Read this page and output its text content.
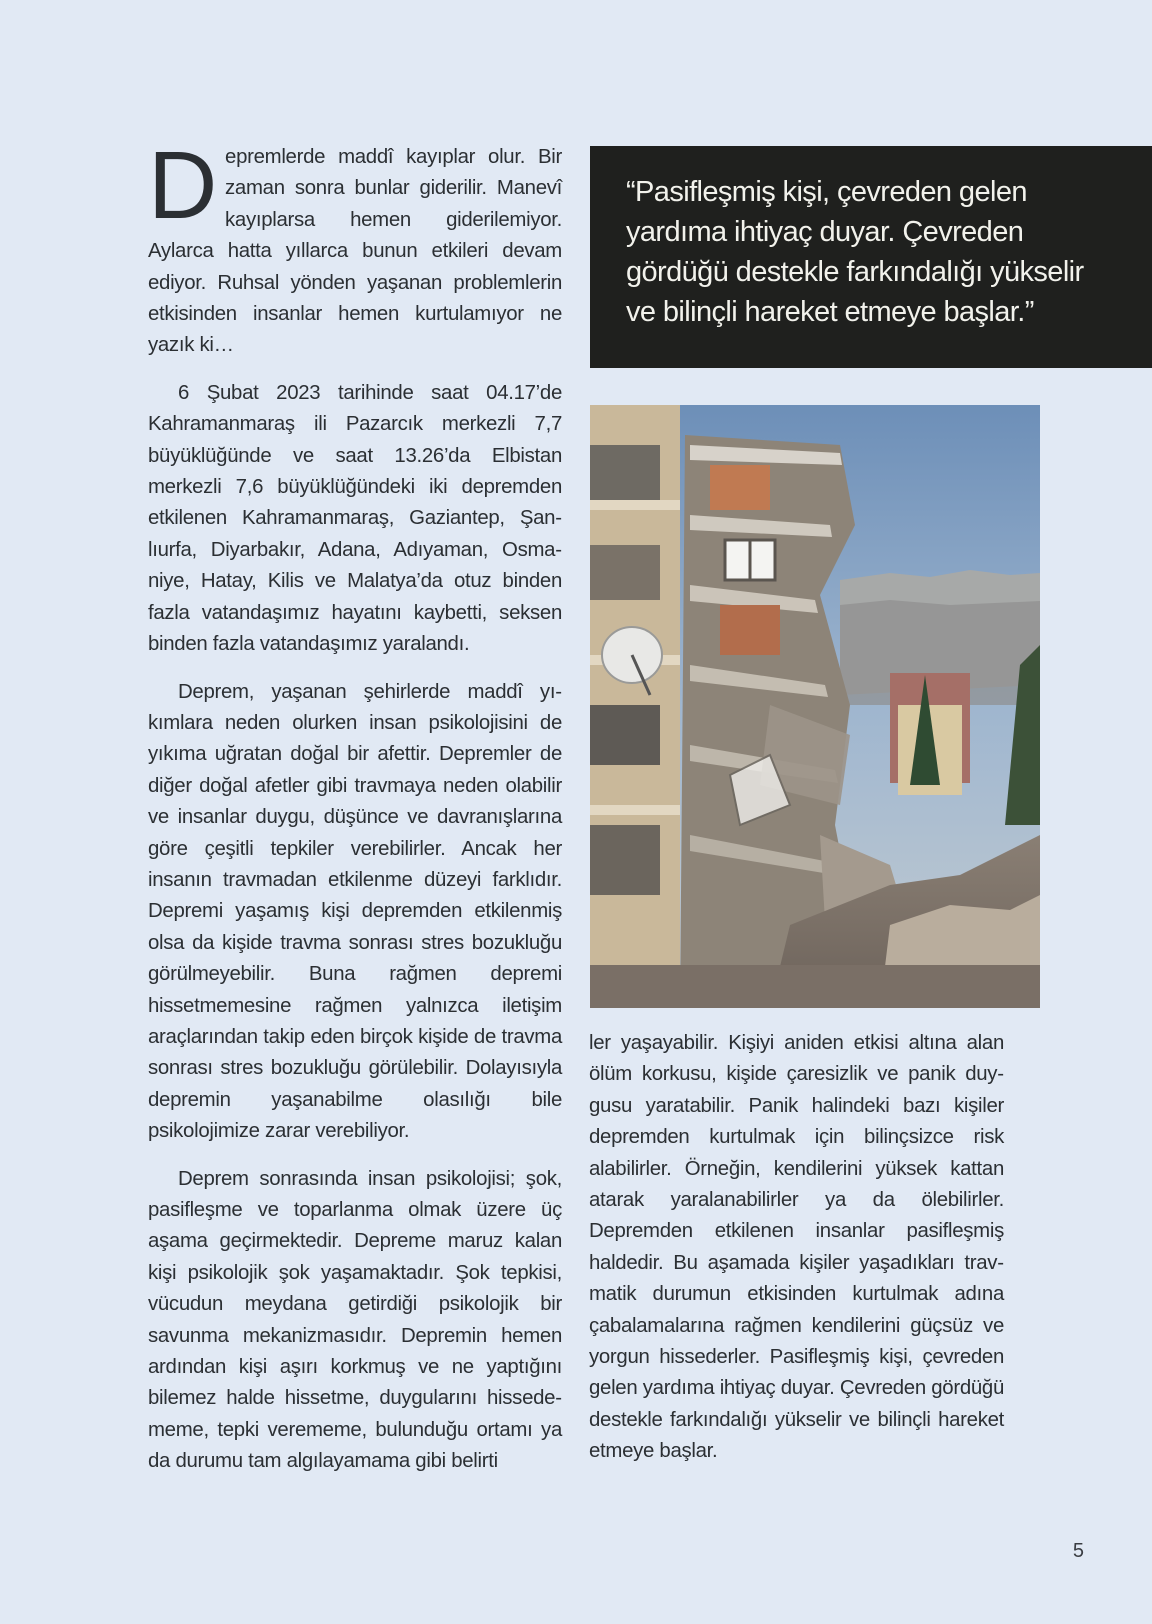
Depremlerde maddî kayıplar olur. Bir zaman sonra bunlar giderilir. Manevî kayıplarsa hemen giderilemiyor. Aylarca hatta yıllarca bunun etkileri devam ediyor. Ruhsal yönden yaşanan problemlerin etkisinden insanlar hemen kurtulamıyor ne yazık ki…

6 Şubat 2023 tarihinde saat 04.17’de Kahramanmaraş ili Pazarcık merkezli 7,7 büyüklüğünde ve saat 13.26’da Elbistan merkezli 7,6 büyüklüğündeki iki depremden etkilenen Kahramanmaraş, Gaziantep, Şanlıurfa, Diyarbakır, Adana, Adıyaman, Osmaniye, Hatay, Kilis ve Malatya’da otuz binden fazla vatandaşımız hayatını kaybetti, seksen binden fazla vatandaşımız yaralandı.

Deprem, yaşanan şehirlerde maddî yıkımlara neden olurken insan psikolojisini de yıkıma uğratan doğal bir afettir. Depremler de diğer doğal afetler gibi travmaya neden olabilir ve insanlar duygu, düşünce ve davranışlarına göre çeşitli tepkiler verebilirler. Ancak her insanın travmadan etkilenme düzeyi farklıdır. Depremi yaşamış kişi depremden etkilenmiş olsa da kişide travma sonrası stres bozukluğu görülmeyebilir. Buna rağmen depremi hissetmemesine rağmen yalnızca iletişim araçlarından takip eden birçok kişide de travma sonrası stres bozukluğu görülebilir. Dolayısıyla depremin yaşanabilme olasılığı bile psikolojimize zarar verebiliyor.

Deprem sonrasında insan psikolojisi; şok, pasifleşme ve toparlanma olmak üzere üç aşama geçirmektedir. Depreme maruz kalan kişi psikolojik şok yaşamaktadır. Şok tepkisi, vücudun meydana getirdiği psikolojik bir savunma mekanizmasıdır. Depremin hemen ardından kişi aşırı korkmuş ve ne yaptığını bilemez halde hissetme, duygularını hissedememe, tepki verememe, bulunduğu ortamı ya da durumu tam algılayamama gibi belirti

“Pasifleşmiş kişi, çevreden gelen yardıma ihtiyaç duyar. Çevreden gördüğü destekle farkındalığı yükselir ve bilinçli hareket etmeye başlar.”

ler yaşayabilir. Kişiyi aniden etkisi altına alan ölüm korkusu, kişide çaresizlik ve panik duygusu yaratabilir. Panik halindeki bazı kişiler depremden kurtulmak için bilinçsizce risk alabilirler. Örneğin, kendilerini yüksek kattan atarak yaralanabilirler ya da ölebilirler. Depremden etkilenen insanlar pasifleşmiş haldedir. Bu aşamada kişiler yaşadıkları travmatik durumun etkisinden kurtulmak adına çabalamalarına rağmen kendilerini güçsüz ve yorgun hissederler. Pasifleşmiş kişi, çevreden gelen yardıma ihtiyaç duyar. Çevreden gördüğü destekle farkındalığı yükselir ve bilinçli hareket etmeye başlar.

5
